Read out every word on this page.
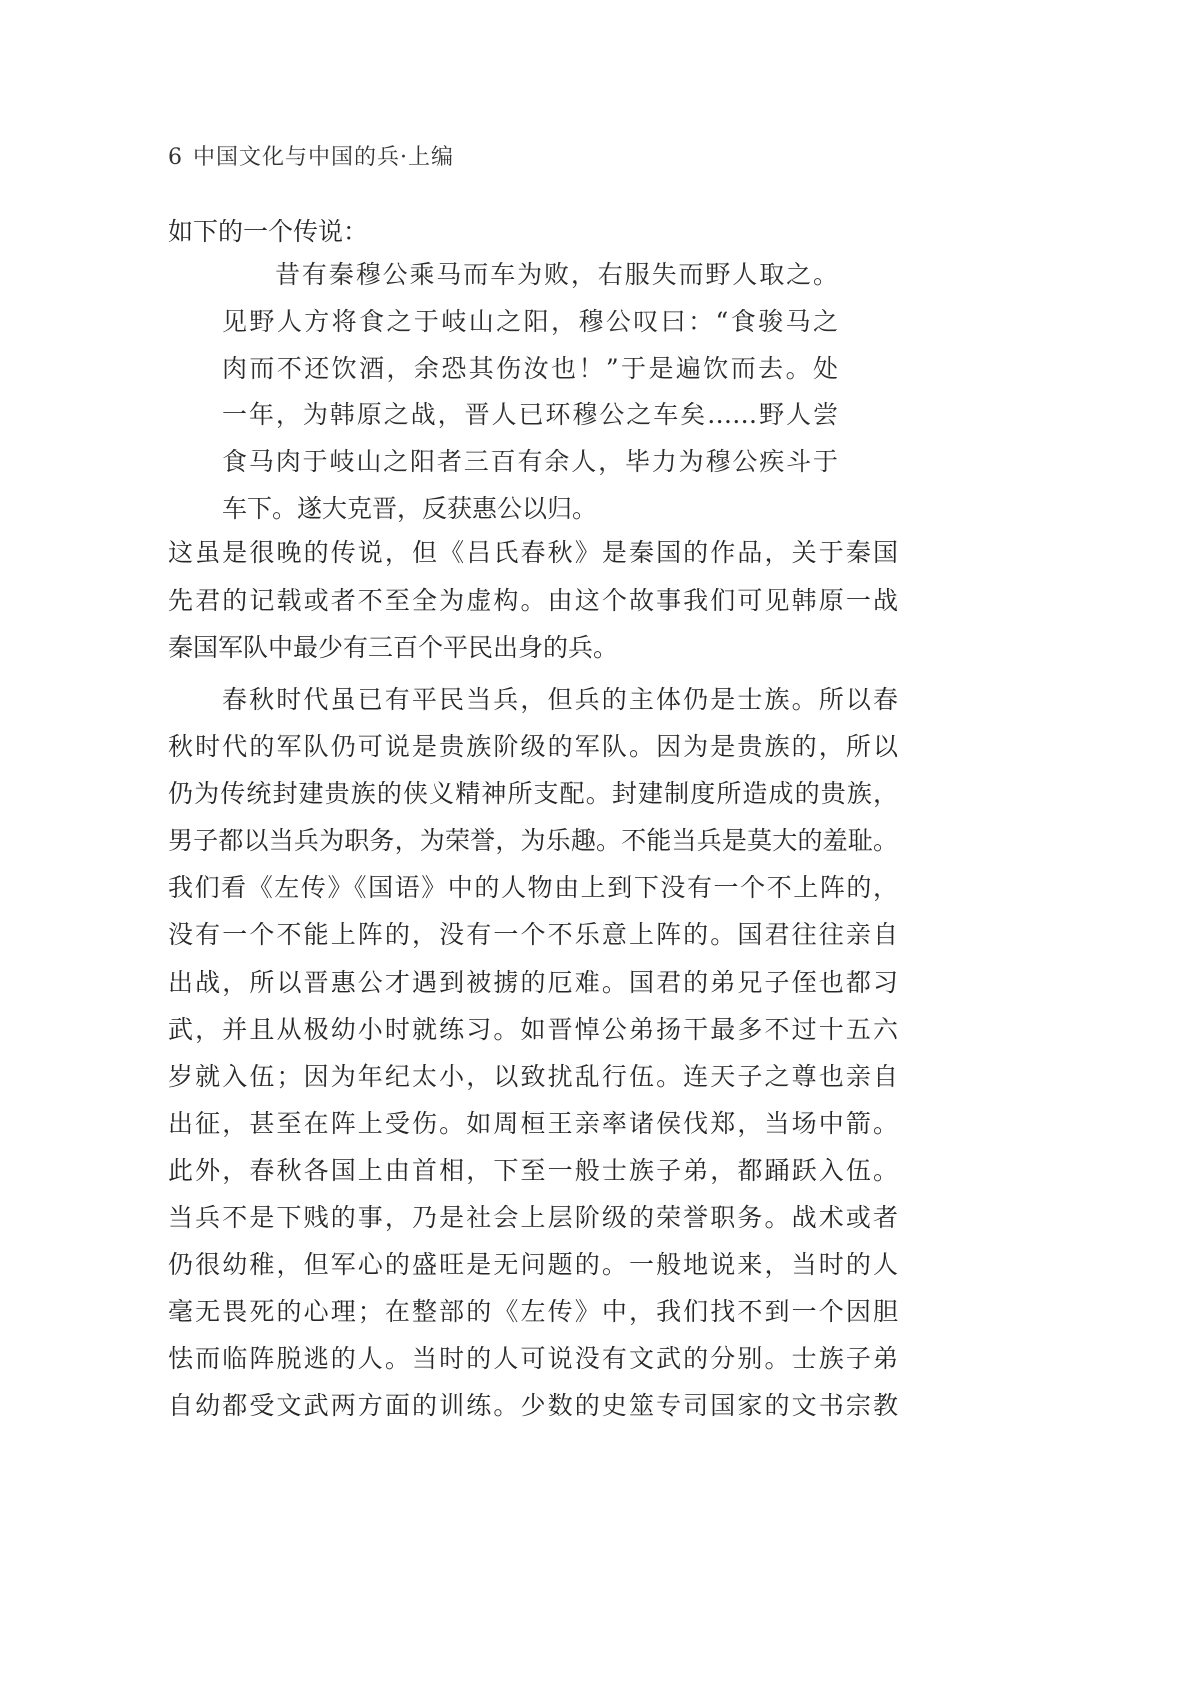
6 中国文化与中国的兵·上编
如下的一个传说：
昔有秦穆公乘马而车为败，右服失而野人取之。
见野人方将食之于岐山之阳，穆公叹曰：“食骏马之
肉而不还饮酒，余恐其伤汝也！”于是遍饮而去。处
一年，为韩原之战，晋人已环穆公之车矣……野人尝
食马肉于岐山之阳者三百有余人，毕力为穆公疾斗于
车下。遂大克晋，反获惠公以归。
这虽是很晚的传说，但《吕氏春秋》是秦国的作品，关于秦国
先君的记载或者不至全为虚构。由这个故事我们可见韩原一战
秦国军队中最少有三百个平民出身的兵。
春秋时代虽已有平民当兵，但兵的主体仍是士族。所以春
秋时代的军队仍可说是贵族阶级的军队。因为是贵族的，所以
仍为传统封建贵族的侠义精神所支配。封建制度所造成的贵族，
男子都以当兵为职务，为荣誉，为乐趣。不能当兵是莫大的羞耻。
我们看《左传》《国语》中的人物由上到下没有一个不上阵的，
没有一个不能上阵的，没有一个不乐意上阵的。国君往往亲自
出战，所以晋惠公才遇到被掳的厄难。国君的弟兄子侄也都习
武，并且从极幼小时就练习。如晋悼公弟扬干最多不过十五六
岁就入伍；因为年纪太小，以致扰乱行伍。连天子之尊也亲自
出征，甚至在阵上受伤。如周桓王亲率诸侯伐郑，当场中箭。
此外，春秋各国上由首相，下至一般士族子弟，都踊跃入伍。
当兵不是下贱的事，乃是社会上层阶级的荣誉职务。战术或者
仍很幼稚，但军心的盛旺是无问题的。一般地说来，当时的人
毫无畏死的心理；在整部的《左传》中，我们找不到一个因胆
怯而临阵脱逃的人。当时的人可说没有文武的分别。士族子弟
自幼都受文武两方面的训练。少数的史筮专司国家的文书宗教
